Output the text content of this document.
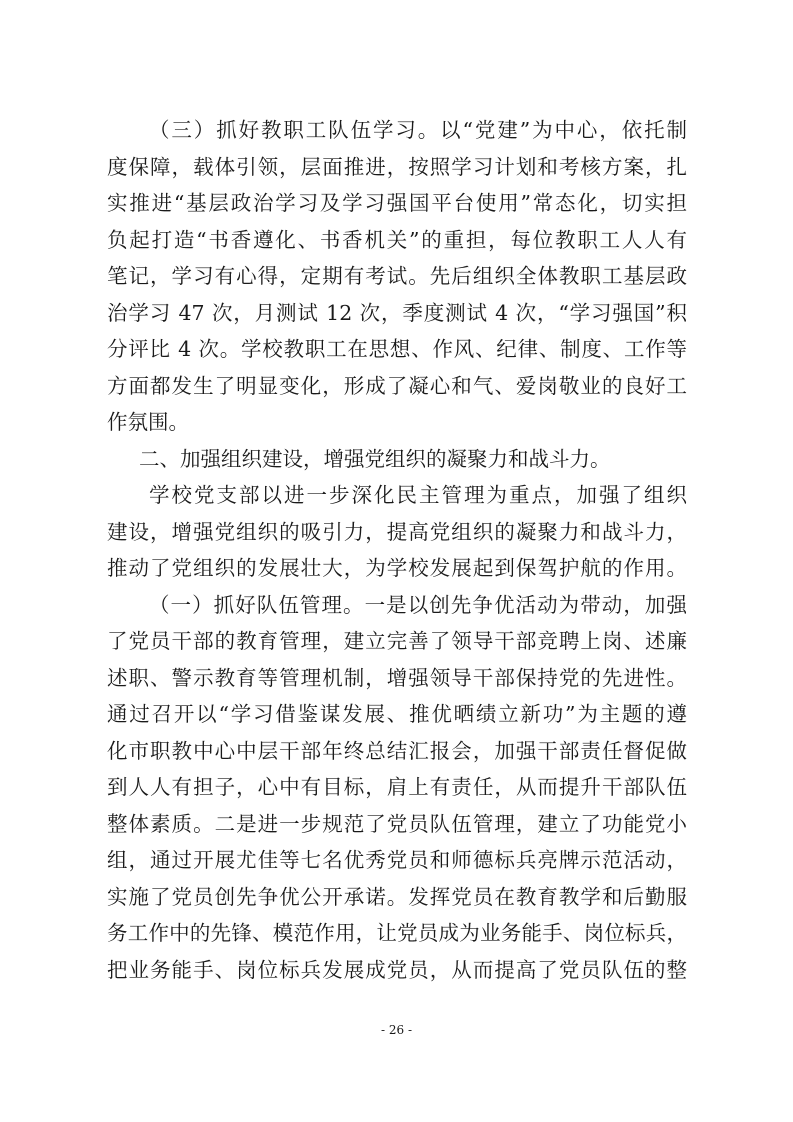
（三）抓好教职工队伍学习。以“党建”为中心，依托制
度保障，载体引领，层面推进，按照学习计划和考核方案，扎
实推进“基层政治学习及学习强国平台使用”常态化，切实担
负起打造“书香遵化、书香机关”的重担，每位教职工人人有
笔记，学习有心得，定期有考试。先后组织全体教职工基层政
治学习 47 次，月测试 12 次，季度测试 4 次，“学习强国”积
分评比 4 次。学校教职工在思想、作风、纪律、制度、工作等
方面都发生了明显变化，形成了凝心和气、爱岗敬业的良好工
作氛围。
二、加强组织建设，增强党组织的凝聚力和战斗力。
学校党支部以进一步深化民主管理为重点，加强了组织
建设，增强党组织的吸引力，提高党组织的凝聚力和战斗力，
推动了党组织的发展壮大，为学校发展起到保驾护航的作用。
（一）抓好队伍管理。一是以创先争优活动为带动，加强
了党员干部的教育管理，建立完善了领导干部竞聘上岗、述廉
述职、警示教育等管理机制，增强领导干部保持党的先进性。
通过召开以“学习借鉴谋发展、推优晒绩立新功”为主题的遵
化市职教中心中层干部年终总结汇报会，加强干部责任督促做
到人人有担子，心中有目标，肩上有责任，从而提升干部队伍
整体素质。二是进一步规范了党员队伍管理，建立了功能党小
组，通过开展尤佳等七名优秀党员和师德标兵亮牌示范活动，
实施了党员创先争优公开承诺。发挥党员在教育教学和后勤服
务工作中的先锋、模范作用，让党员成为业务能手、岗位标兵，
把业务能手、岗位标兵发展成党员，从而提高了党员队伍的整
- 26 -
